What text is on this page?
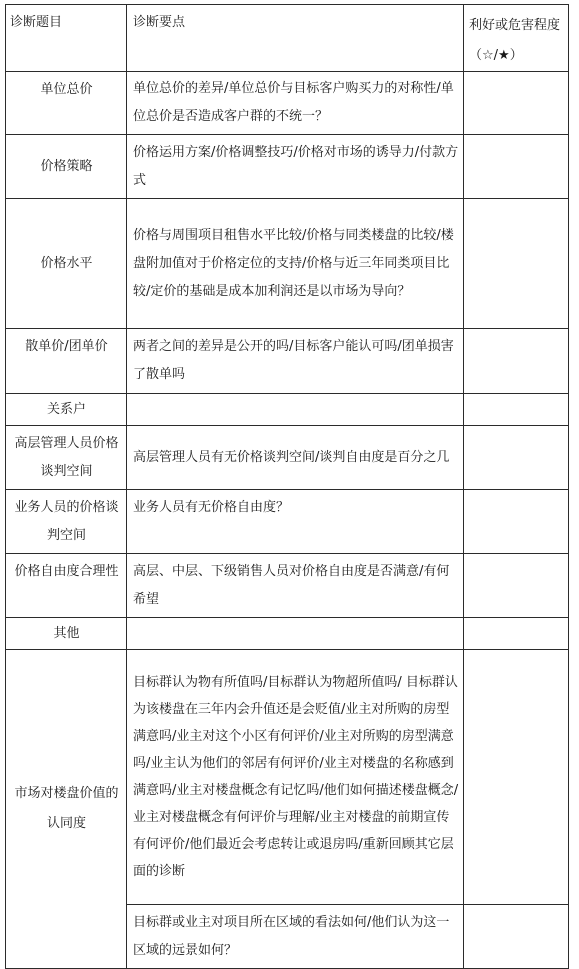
诊断题目	诊断要点	利好或危害程度（☆/★）

单位总价	单位总价的差异/单位总价与目标客户购买力的对称性/单位总价是否造成客户群的不统一？	

价格策略	价格运用方案/价格调整技巧/价格对市场的诱导力/付款方式	

价格水平	价格与周围项目租售水平比较/价格与同类楼盘的比较/楼盘附加值对于价格定位的支持/价格与近三年同类项目比较/定价的基础是成本加利润还是以市场为导向？	

散单价/团单价	两者之间的差异是公开的吗/目标客户能认可吗/团单损害了散单吗	

关系户		

高层管理人员价格谈判空间	高层管理人员有无价格谈判空间/谈判自由度是百分之几	

业务人员的价格谈判空间	业务人员有无价格自由度？	

价格自由度合理性	高层、中层、下级销售人员对价格自由度是否满意/有何希望	

其他		

市场对楼盘价值的认同度	目标群认为物有所值吗/目标群认为物超所值吗/ 目标群认为该楼盘在三年内会升值还是会贬值/业主对所购的房型满意吗/业主对这个小区有何评价/业主对所购的房型满意吗/业主认为他们的邻居有何评价/业主对楼盘的名称感到满意吗/业主对楼盘概念有记忆吗/他们如何描述楼盘概念/业主对楼盘概念有何评价与理解/业主对楼盘的前期宣传有何评价/他们最近会考虑转让或退房吗/重新回顾其它层面的诊断	

	目标群或业主对项目所在区域的看法如何/他们认为这一区域的远景如何？	
